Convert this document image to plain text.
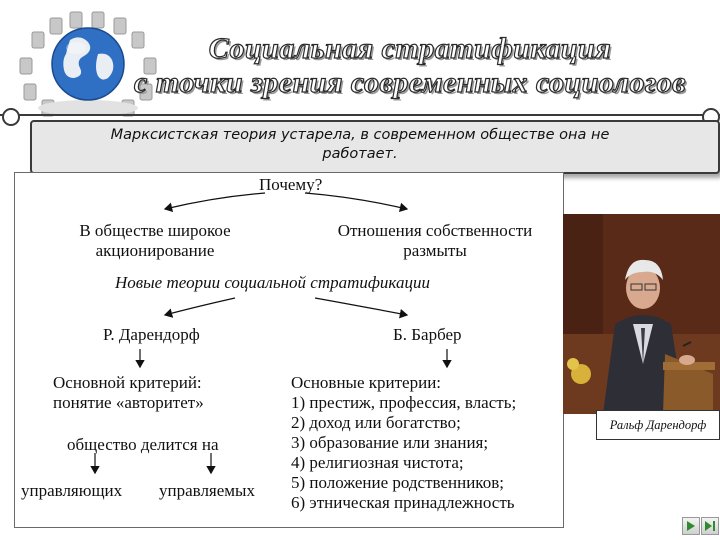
Социальная стратификация
с точки зрения современных социологов
Марксистская теория устарела, в современном обществе она не
работает.
Почему?
В обществе широкое
акционирование
Отношения собственности
размыты
Новые теории социальной стратификации
Р. Дарендорф	Б. Барбер
Основной критерий:
понятие «авторитет»
Основные критерии:
1) престиж, профессия, власть;
2) доход или богатство;
3) образование или знания;
4) религиозная чистота;
5) положение родственников;
6) этническая принадлежность
общество делится на
управляющих управляемых
Ральф Дарендорф
